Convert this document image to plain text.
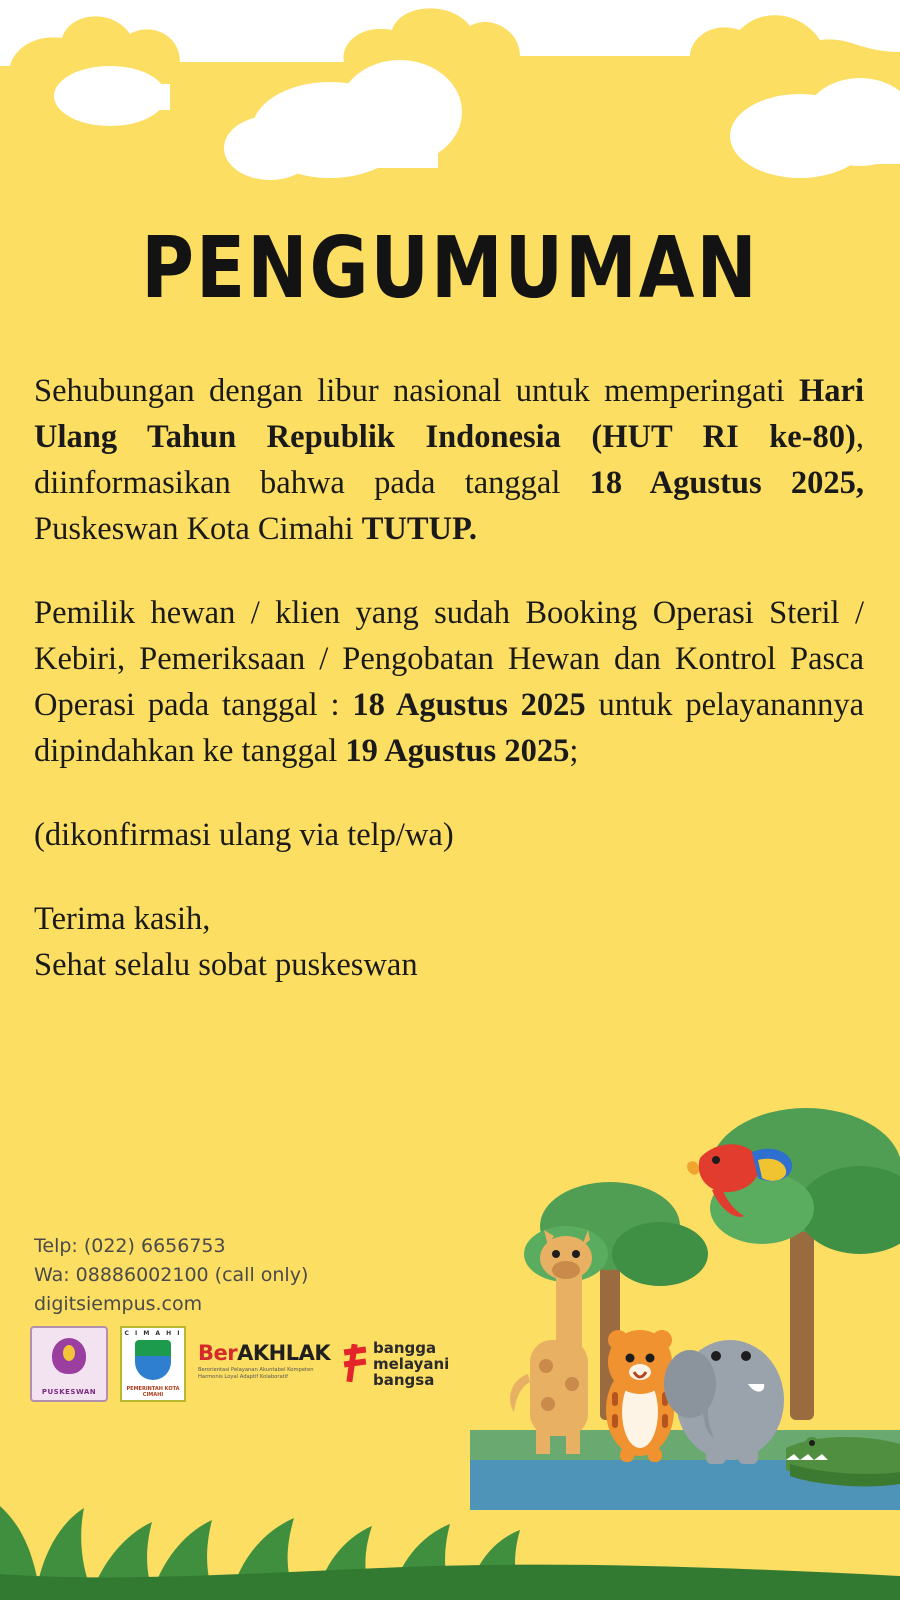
PENGUMUMAN

Sehubungan dengan libur nasional untuk memperingati Hari Ulang Tahun Republik Indonesia (HUT RI ke-80), diinformasikan bahwa pada tanggal 18 Agustus 2025, Puskeswan Kota Cimahi TUTUP.

Pemilik hewan / klien yang sudah Booking Operasi Steril / Kebiri, Pemeriksaan / Pengobatan Hewan dan Kontrol Pasca Operasi pada tanggal : 18 Agustus 2025 untuk pelayanannya dipindahkan ke tanggal 19 Agustus 2025;

(dikonfirmasi ulang via telp/wa)

Terima kasih,

Sehat selalu sobat puskeswan

Telp: (022) 6656753
Wa: 08886002100 (call only)
digitsiempus.com
PUSKESWAN
C I M A H I
PEMERINTAH KOTA CIMAHI
BerAKHLAK
Berorientasi Pelayanan Akuntabel Kompeten Harmonis Loyal Adaptif Kolaboratif
bangga
melayani
bangsa
